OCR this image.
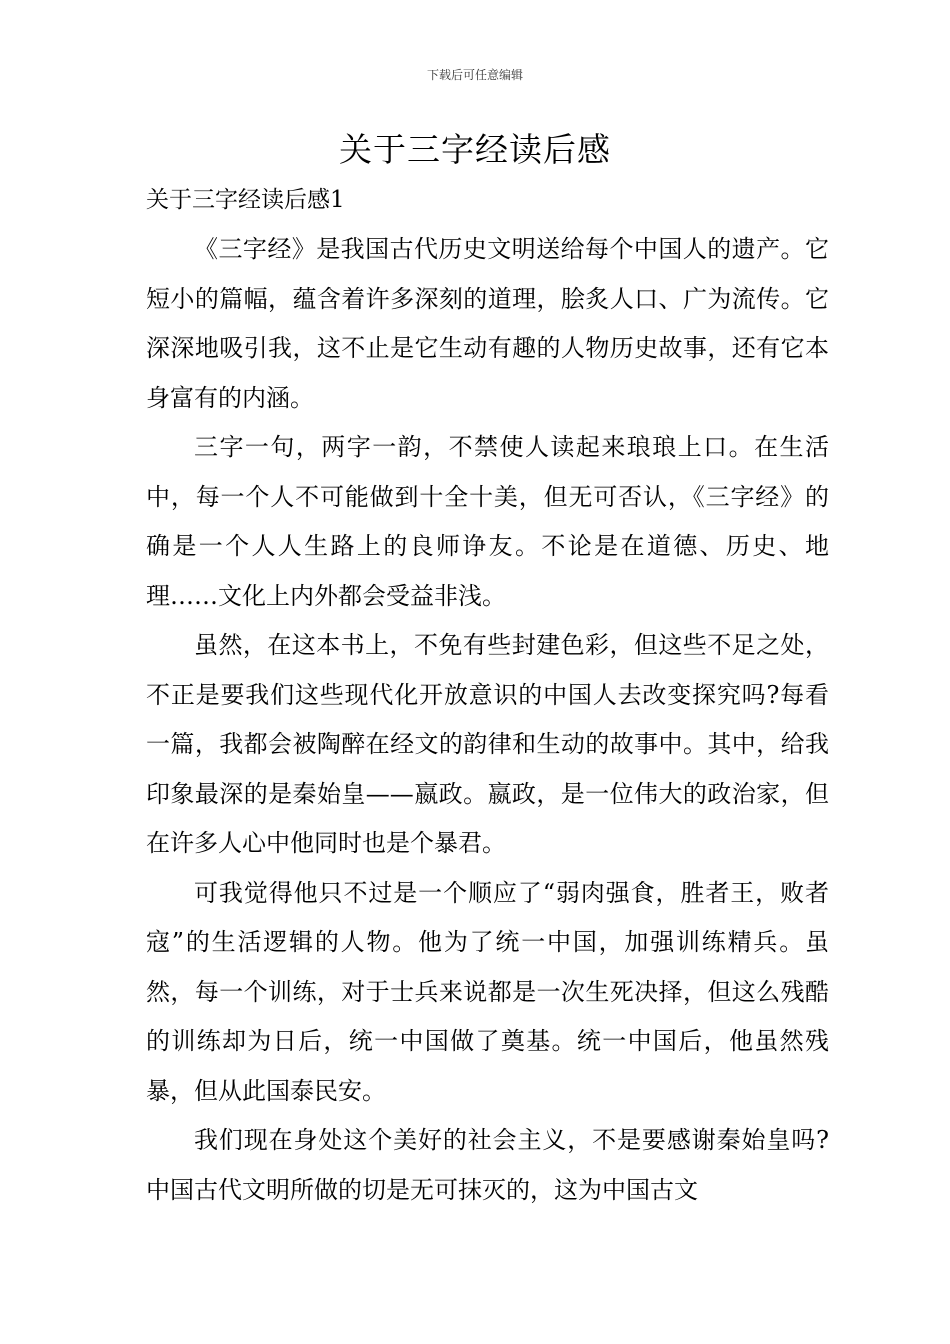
下载后可任意编辑
关于三字经读后感
关于三字经读后感1

《三字经》是我国古代历史文明送给每个中国人的遗产。它短小的篇幅，蕴含着许多深刻的道理，脍炙人口、广为流传。它深深地吸引我，这不止是它生动有趣的人物历史故事，还有它本身富有的内涵。

三字一句，两字一韵，不禁使人读起来琅琅上口。在生活中，每一个人不可能做到十全十美，但无可否认，《三字经》的确是一个人人生路上的良师诤友。不论是在道德、历史、地理……文化上内外都会受益非浅。

虽然，在这本书上，不免有些封建色彩，但这些不足之处，不正是要我们这些现代化开放意识的中国人去改变探究吗?每看一篇，我都会被陶醉在经文的韵律和生动的故事中。其中，给我印象最深的是秦始皇——嬴政。嬴政，是一位伟大的政治家，但在许多人心中他同时也是个暴君。

可我觉得他只不过是一个顺应了“弱肉强食，胜者王，败者寇”的生活逻辑的人物。他为了统一中国，加强训练精兵。虽然，每一个训练，对于士兵来说都是一次生死决择，但这么残酷的训练却为日后，统一中国做了奠基。统一中国后，他虽然残暴，但从此国泰民安。

我们现在身处这个美好的社会主义，不是要感谢秦始皇吗?中国古代文明所做的切是无可抹灭的，这为中国古文
